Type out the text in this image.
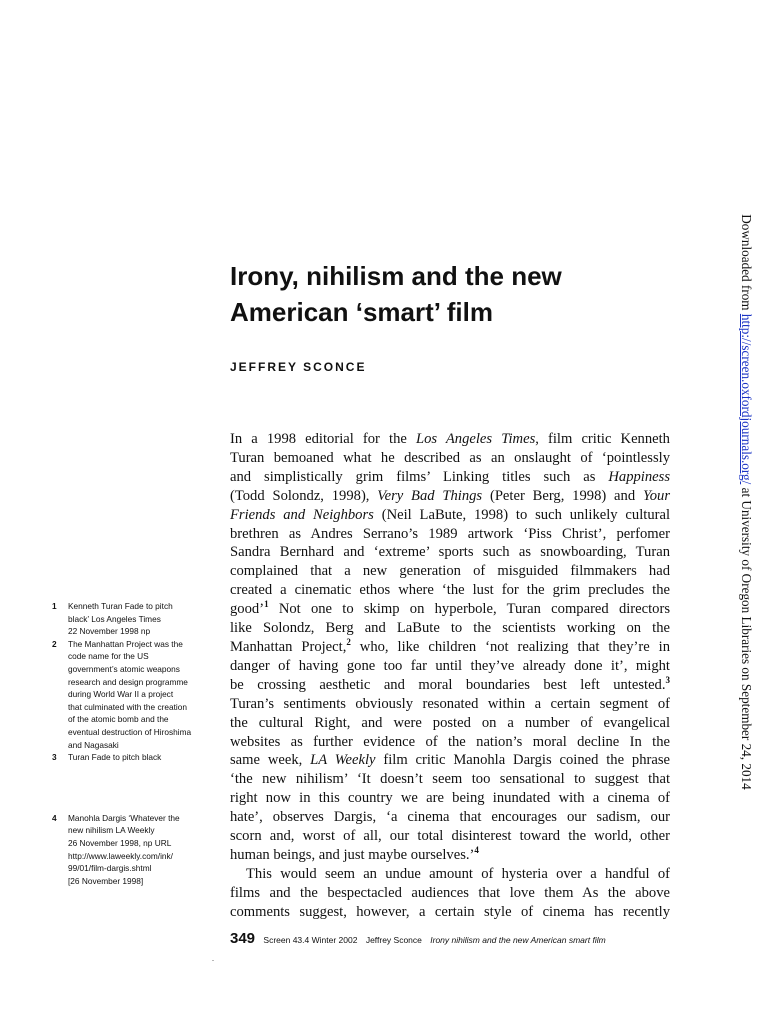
Irony, nihilism and the new
American ‘smart’ film
JEFFREY SCONCE
In a 1998 editorial for the Los Angeles Times, film critic Kenneth
Turan bemoaned what he described as an onslaught of ‘pointlessly
and simplistically grim films’ Linking titles such as Happiness
(Todd Solondz, 1998), Very Bad Things (Peter Berg, 1998) and Your
Friends and Neighbors (Neil LaBute, 1998) to such unlikely cultural
brethren as Andres Serrano’s 1989 artwork ‘Piss Christ’, perfomer
Sandra Bernhard and ‘extreme’ sports such as snowboarding, Turan
complained that a new generation of misguided filmmakers had
created a cinematic ethos where ‘the lust for the grim precludes the
good’$^1$ Not one to skimp on hyperbole, Turan compared directors
like Solondz, Berg and LaBute to the scientists working on the
Manhattan Project,$^2$ who, like children ‘not realizing that they’re in
danger of having gone too far until they’ve already done it’, might
be crossing aesthetic and moral boundaries best left untested.$^3$
Turan’s sentiments obviously resonated within a certain segment of
the cultural Right, and were posted on a number of evangelical
websites as further evidence of the nation’s moral decline In the
same week, LA Weekly film critic Manohla Dargis coined the phrase
‘the new nihilism’ ‘It doesn’t seem too sensational to suggest that
right now in this country we are being inundated with a cinema of
hate’, observes Dargis, ‘a cinema that encourages our sadism, our
scorn and, worst of all, our total disinterest toward the world, other
human beings, and just maybe ourselves.’$^4$
This would seem an undue amount of hysteria over a handful of
films and the bespectacled audiences that love them As the above
comments suggest, however, a certain style of cinema has recently
1 Kenneth Turan Fade to pitch
black’ Los Angeles Times
22 November 1998 np
2 The Manhattan Project was the
code name for the US
government’s atomic weapons
research and design programme
during World War II a project
that culminated with the creation
of the atomic bomb and the
eventual destruction of Hiroshima
and Nagasaki
3 Turan Fade to pitch black
4 Manohla Dargis ‘Whatever the
new nihilism LA Weekly
26 November 1998, np URL
http://www.laweekly.com/ink/
99/01/film-dargis.shtml
[26 November 1998]
349 Screen 43.4 Winter 2002 Jeffrey Sconce Irony nihilism and the new American smart film
.
Downloaded from http://screen.oxfordjournals.org/ at University of Oregon Libraries on September 24, 2014
